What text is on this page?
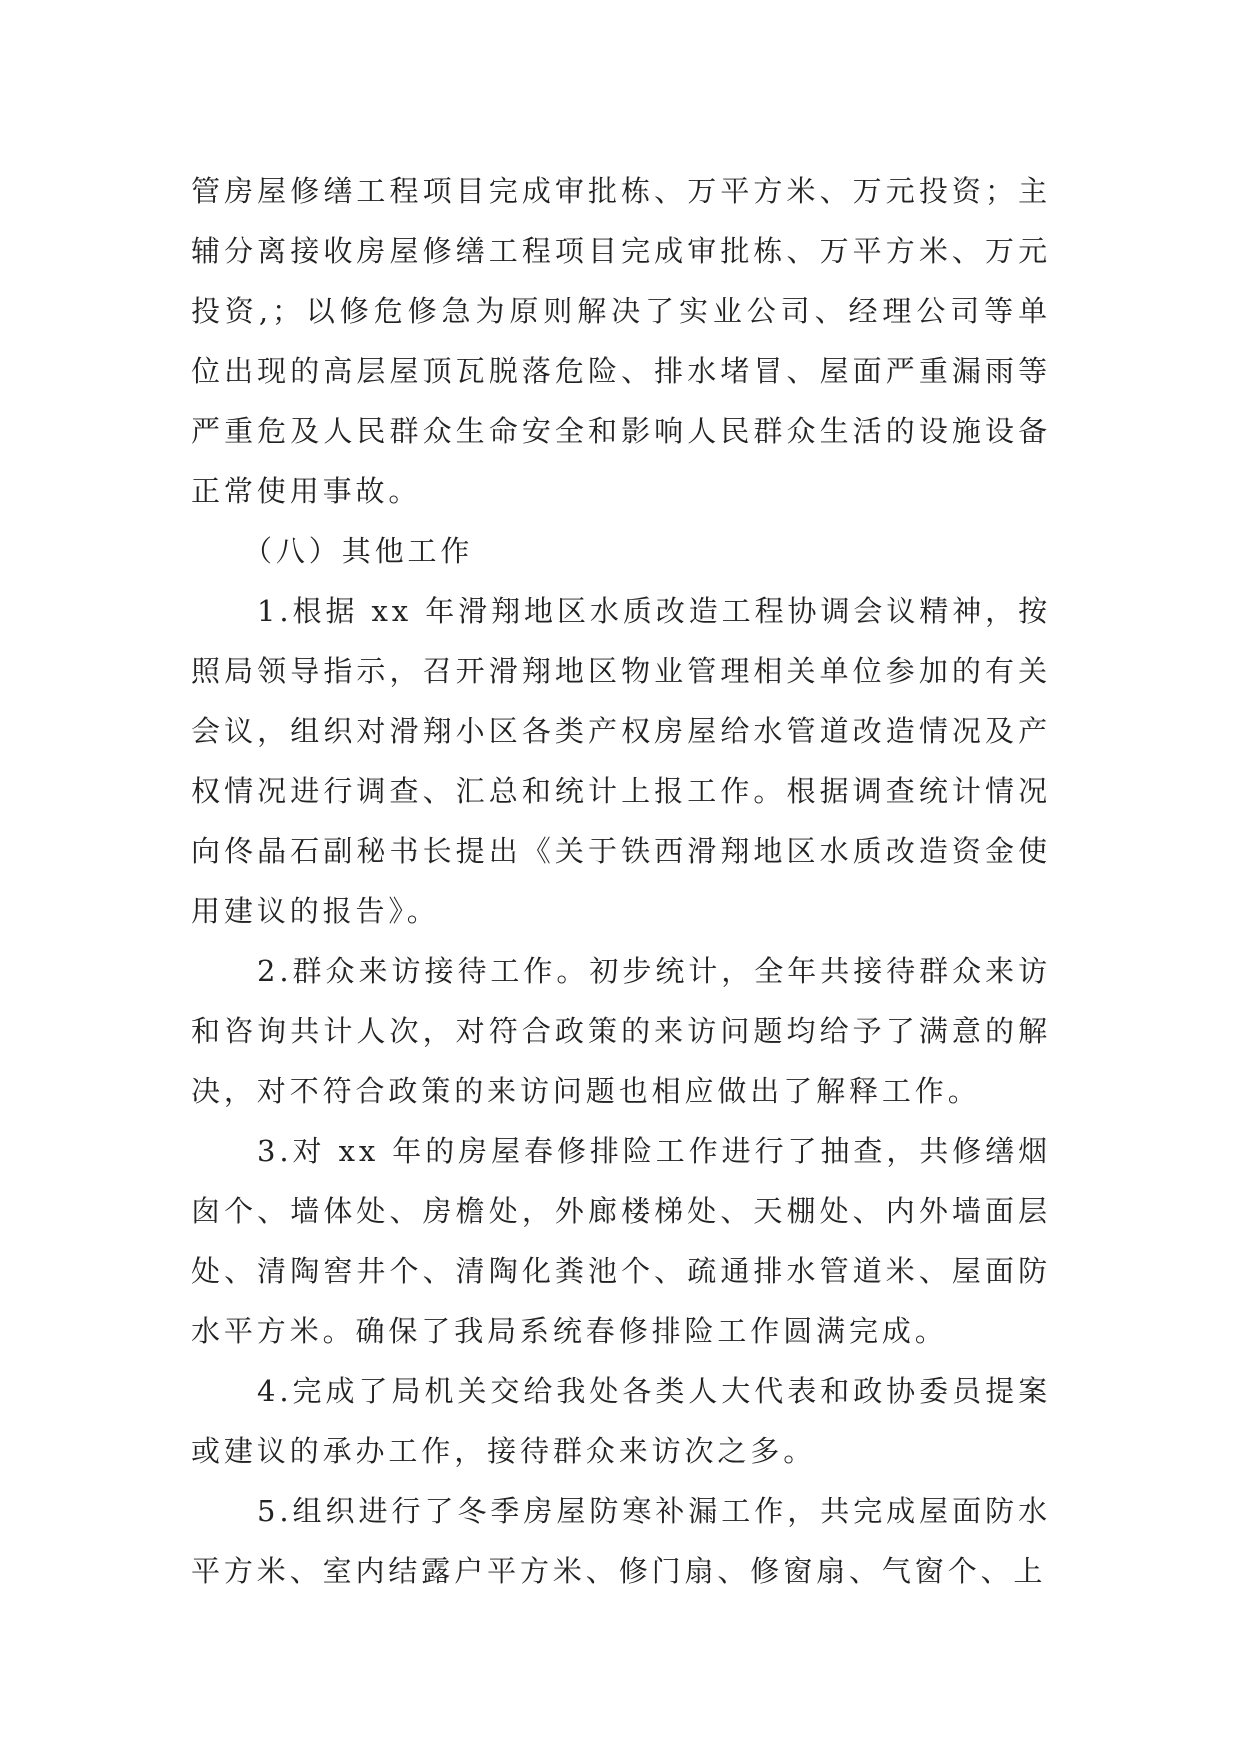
管房屋修缮工程项目完成审批栋、万平方米、万元投资；主辅分离接收房屋修缮工程项目完成审批栋、万平方米、万元投资,；以修危修急为原则解决了实业公司、经理公司等单位出现的高层屋顶瓦脱落危险、排水堵冒、屋面严重漏雨等严重危及人民群众生命安全和影响人民群众生活的设施设备正常使用事故。

（八）其他工作

1.根据 xx 年滑翔地区水质改造工程协调会议精神，按照局领导指示，召开滑翔地区物业管理相关单位参加的有关会议，组织对滑翔小区各类产权房屋给水管道改造情况及产权情况进行调查、汇总和统计上报工作。根据调查统计情况向佟晶石副秘书长提出《关于铁西滑翔地区水质改造资金使用建议的报告》。

2.群众来访接待工作。初步统计，全年共接待群众来访和咨询共计人次，对符合政策的来访问题均给予了满意的解决，对不符合政策的来访问题也相应做出了解释工作。

3.对 xx 年的房屋春修排险工作进行了抽查，共修缮烟囱个、墙体处、房檐处，外廊楼梯处、天棚处、内外墙面层处、清陶窖井个、清陶化粪池个、疏通排水管道米、屋面防水平方米。确保了我局系统春修排险工作圆满完成。

4.完成了局机关交给我处各类人大代表和政协委员提案或建议的承办工作，接待群众来访次之多。

5.组织进行了冬季房屋防寒补漏工作，共完成屋面防水平方米、室内结露户平方米、修门扇、修窗扇、气窗个、上
